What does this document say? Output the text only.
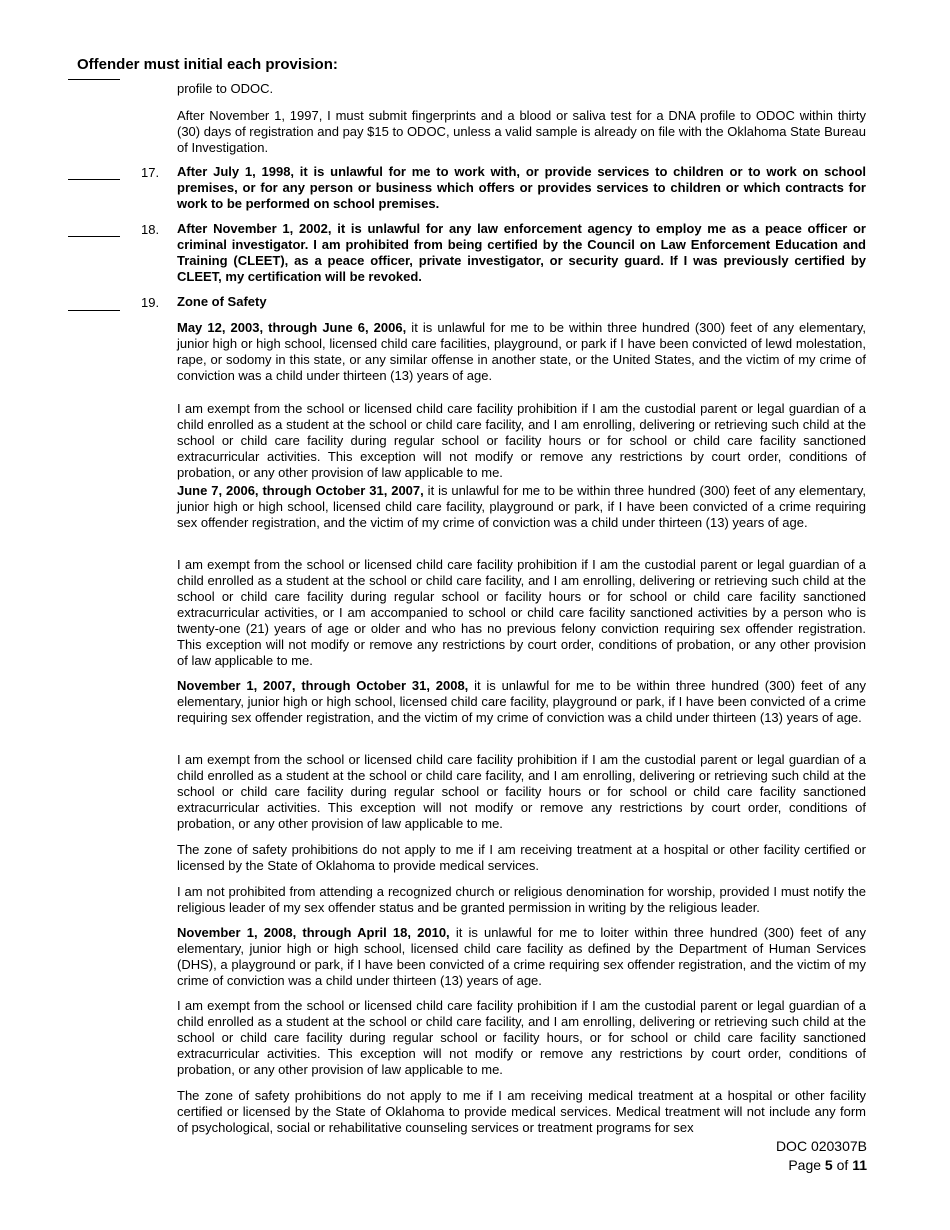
Offender must initial each provision:

profile to ODOC.

After November 1, 1997, I must submit fingerprints and a blood or saliva test for a DNA profile to ODOC within thirty (30) days of registration and pay $15 to ODOC, unless a valid sample is already on file with the Oklahoma State Bureau of Investigation.

17. After July 1, 1998, it is unlawful for me to work with, or provide services to children or to work on school premises, or for any person or business which offers or provides services to children or which contracts for work to be performed on school premises.

18. After November 1, 2002, it is unlawful for any law enforcement agency to employ me as a peace officer or criminal investigator. I am prohibited from being certified by the Council on Law Enforcement Education and Training (CLEET), as a peace officer, private investigator, or security guard. If I was previously certified by CLEET, my certification will be revoked.

19. Zone of Safety

May 12, 2003, through June 6, 2006, it is unlawful for me to be within three hundred (300) feet of any elementary, junior high or high school, licensed child care facilities, playground, or park if I have been convicted of lewd molestation, rape, or sodomy in this state, or any similar offense in another state, or the United States, and the victim of my crime of conviction was a child under thirteen (13) years of age.

I am exempt from the school or licensed child care facility prohibition if I am the custodial parent or legal guardian of a child enrolled as a student at the school or child care facility, and I am enrolling, delivering or retrieving such child at the school or child care facility during regular school or facility hours or for school or child care facility sanctioned extracurricular activities. This exception will not modify or remove any restrictions by court order, conditions of probation, or any other provision of law applicable to me.

June 7, 2006, through October 31, 2007, it is unlawful for me to be within three hundred (300) feet of any elementary, junior high or high school, licensed child care facility, playground or park, if I have been convicted of a crime requiring sex offender registration, and the victim of my crime of conviction was a child under thirteen (13) years of age.

I am exempt from the school or licensed child care facility prohibition if I am the custodial parent or legal guardian of a child enrolled as a student at the school or child care facility, and I am enrolling, delivering or retrieving such child at the school or child care facility during regular school or facility hours or for school or child care facility sanctioned extracurricular activities, or I am accompanied to school or child care facility sanctioned activities by a person who is twenty-one (21) years of age or older and who has no previous felony conviction requiring sex offender registration. This exception will not modify or remove any restrictions by court order, conditions of probation, or any other provision of law applicable to me.

November 1, 2007, through October 31, 2008, it is unlawful for me to be within three hundred (300) feet of any elementary, junior high or high school, licensed child care facility, playground or park, if I have been convicted of a crime requiring sex offender registration, and the victim of my crime of conviction was a child under thirteen (13) years of age.

I am exempt from the school or licensed child care facility prohibition if I am the custodial parent or legal guardian of a child enrolled as a student at the school or child care facility, and I am enrolling, delivering or retrieving such child at the school or child care facility during regular school or facility hours or for school or child care facility sanctioned extracurricular activities. This exception will not modify or remove any restrictions by court order, conditions of probation, or any other provision of law applicable to me.

The zone of safety prohibitions do not apply to me if I am receiving treatment at a hospital or other facility certified or licensed by the State of Oklahoma to provide medical services.

I am not prohibited from attending a recognized church or religious denomination for worship, provided I must notify the religious leader of my sex offender status and be granted permission in writing by the religious leader.

November 1, 2008, through April 18, 2010, it is unlawful for me to loiter within three hundred (300) feet of any elementary, junior high or high school, licensed child care facility as defined by the Department of Human Services (DHS), a playground or park, if I have been convicted of a crime requiring sex offender registration, and the victim of my crime of conviction was a child under thirteen (13) years of age.

I am exempt from the school or licensed child care facility prohibition if I am the custodial parent or legal guardian of a child enrolled as a student at the school or child care facility, and I am enrolling, delivering or retrieving such child at the school or child care facility during regular school or facility hours, or for school or child care facility sanctioned extracurricular activities. This exception will not modify or remove any restrictions by court order, conditions of probation, or any other provision of law applicable to me.

The zone of safety prohibitions do not apply to me if I am receiving medical treatment at a hospital or other facility certified or licensed by the State of Oklahoma to provide medical services. Medical treatment will not include any form of psychological, social or rehabilitative counseling services or treatment programs for sex

DOC 020307B
Page 5 of 11
